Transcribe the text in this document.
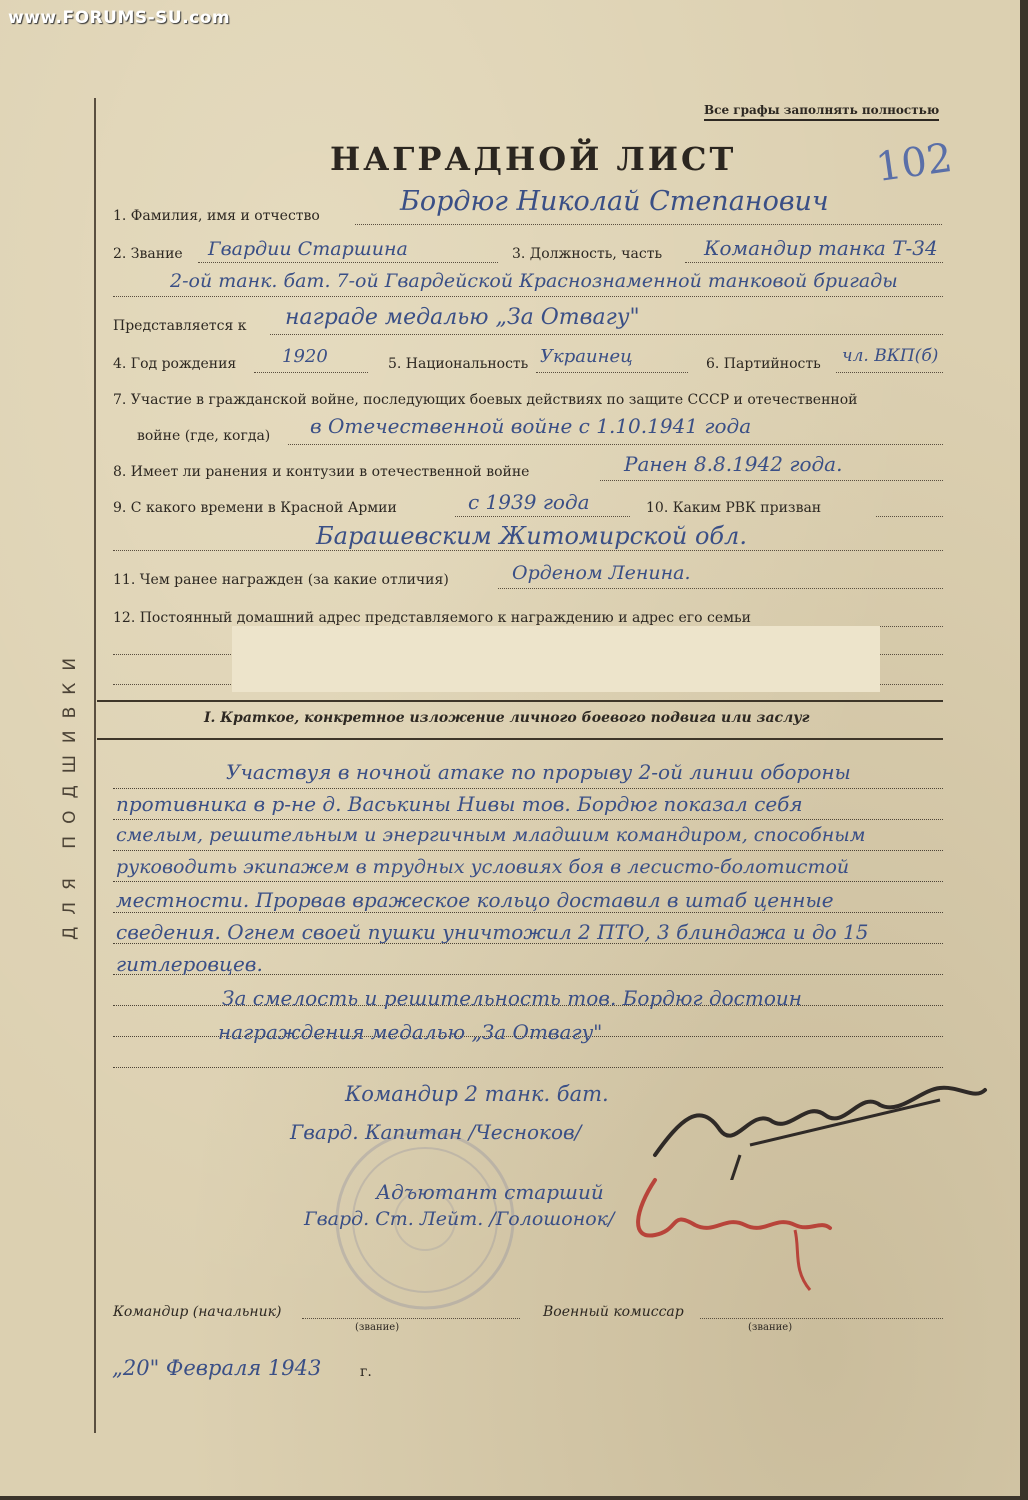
www.FORUMS-SU.com
ДЛЯ ПОДШИВКИ
Все графы заполнять полностью
102
НАГРАДНОЙ ЛИСТ
1. Фамилия, имя и отчество	Бордюг Николай Степанович
2. Звание Гвардии Старшина	3. Должность, часть Командир танка Т-34
2-ой танк. бат. 7-ой Гвардейской Краснознаменной танковой бригады
Представляется к награде медалью „За Отвагу"
4. Год рождения	1920	5. Национальность Украинец	6. Партийность чл. ВКП(б)
7. Участие в гражданской войне, последующих боевых действиях по защите СССР и отечественной
войне (где, когда) в Отечественной войне с 1.10.1941 года
8. Имеет ли ранения и контузии в отечественной войне	Ранен 8.8.1942 года.
9. С какого времени в Красной Армии	с 1939 года	10. Каким РВК призван
Барашевским Житомирской обл.
11. Чем ранее награжден (за какие отличия)	Орденом Ленина.
12. Постоянный домашний адрес представляемого к награждению и адрес его семьи
I. Краткое, конкретное изложение личного боевого подвига или заслуг
Участвуя в ночной атаке по прорыву 2-ой линии обороны
противника в р-не д. Васькины Нивы тов. Бордюг показал себя
смелым, решительным и энергичным младшим командиром, способным
руководить экипажем в трудных условиях боя в лесисто-болотистой
местности. Прорвав вражеское кольцо доставил в штаб ценные
сведения. Огнем своей пушки уничтожил 2 ПТО, 3 блиндажа и до 15
гитлеровцев.
За смелость и решительность тов. Бордюг достоин
награждения медалью „За Отвагу"
Командир 2 танк. бат.
Гвард. Капитан /Чесноков/
Адъютант старший
Гвард. Ст. Лейт. /Голошонок/
Командир (начальник)
(звание)
Военный комиссар
(звание)
„20" Февраля 1943	г.
